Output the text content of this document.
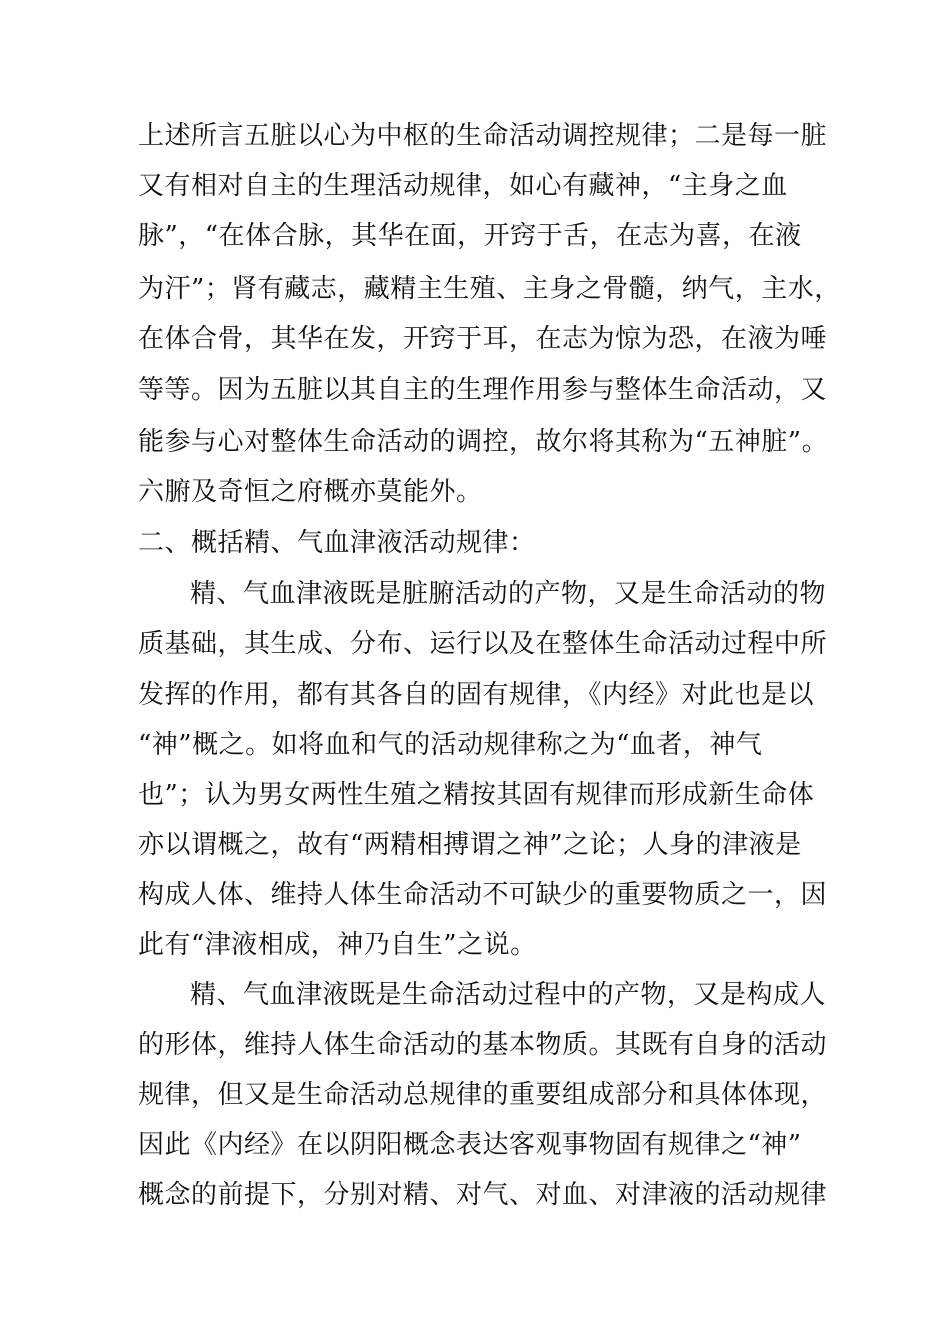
上述所言五脏以心为中枢的生命活动调控规律；二是每一脏
又有相对自主的生理活动规律，如心有藏神，“主身之血
脉”，“在体合脉，其华在面，开窍于舌，在志为喜，在液
为汗”；肾有藏志，藏精主生殖、主身之骨髓，纳气，主水，
在体合骨，其华在发，开窍于耳，在志为惊为恐，在液为唾
等等。因为五脏以其自主的生理作用参与整体生命活动，又
能参与心对整体生命活动的调控，故尔将其称为“五神脏”。
六腑及奇恒之府概亦莫能外。
二、概括精、气血津液活动规律：
精、气血津液既是脏腑活动的产物，又是生命活动的物
质基础，其生成、分布、运行以及在整体生命活动过程中所
发挥的作用，都有其各自的固有规律，《内经》对此也是以
“神”概之。如将血和气的活动规律称之为“血者，神气
也”；认为男女两性生殖之精按其固有规律而形成新生命体
亦以谓概之，故有“两精相搏谓之神”之论；人身的津液是
构成人体、维持人体生命活动不可缺少的重要物质之一，因
此有“津液相成，神乃自生”之说。
精、气血津液既是生命活动过程中的产物，又是构成人
的形体，维持人体生命活动的基本物质。其既有自身的活动
规律，但又是生命活动总规律的重要组成部分和具体体现，
因此《内经》在以阴阳概念表达客观事物固有规律之“神”
概念的前提下，分别对精、对气、对血、对津液的活动规律
